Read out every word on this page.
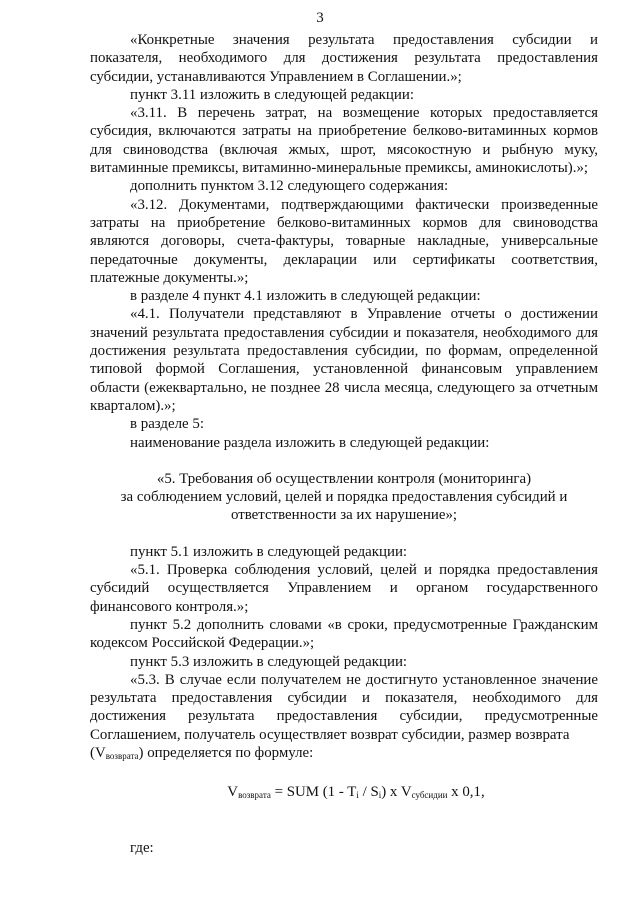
3

«Конкретные значения результата предоставления субсидии и показателя, необходимого для достижения результата предоставления субсидии, устанавливаются Управлением в Соглашении.»;

пункт 3.11 изложить в следующей редакции:

«3.11. В перечень затрат, на возмещение которых предоставляется субсидия, включаются затраты на приобретение белково-витаминных кормов для свиноводства (включая жмых, шрот, мясокостную и рыбную муку, витаминные премиксы, витаминно-минеральные премиксы, аминокислоты).»;

дополнить пунктом 3.12 следующего содержания:

«3.12. Документами, подтверждающими фактически произведенные затраты на приобретение белково-витаминных кормов для свиноводства являются договоры, счета-фактуры, товарные накладные, универсальные передаточные документы, декларации или сертификаты соответствия, платежные документы.»;

в разделе 4 пункт 4.1 изложить в следующей редакции:

«4.1. Получатели представляют в Управление отчеты о достижении значений результата предоставления субсидии и показателя, необходимого для достижения результата предоставления субсидии, по формам, определенной типовой формой Соглашения, установленной финансовым управлением области (ежеквартально, не позднее 28 числа месяца, следующего за отчетным кварталом).»;

в разделе 5:

наименование раздела изложить в следующей редакции:

«5. Требования об осуществлении контроля (мониторинга)

за соблюдением условий, целей и порядка предоставления субсидий и

ответственности за их нарушение»;

пункт 5.1 изложить в следующей редакции:

«5.1. Проверка соблюдения условий, целей и порядка предоставления субсидий осуществляется Управлением и органом государственного финансового контроля.»;

пункт 5.2 дополнить словами «в сроки, предусмотренные Гражданским кодексом Российской Федерации.»;

пункт 5.3 изложить в следующей редакции:

«5.3. В случае если получателем не достигнуто установленное значение результата предоставления субсидии и показателя, необходимого для достижения результата предоставления субсидии, предусмотренные Соглашением, получатель осуществляет возврат субсидии, размер возврата

$(V_{возврата})$ определяется по формуле:

$V_{возврата}$ = SUM $(1 - T_i / S_i)$ x $V_{субсидии}$ x 0,1,

где:
